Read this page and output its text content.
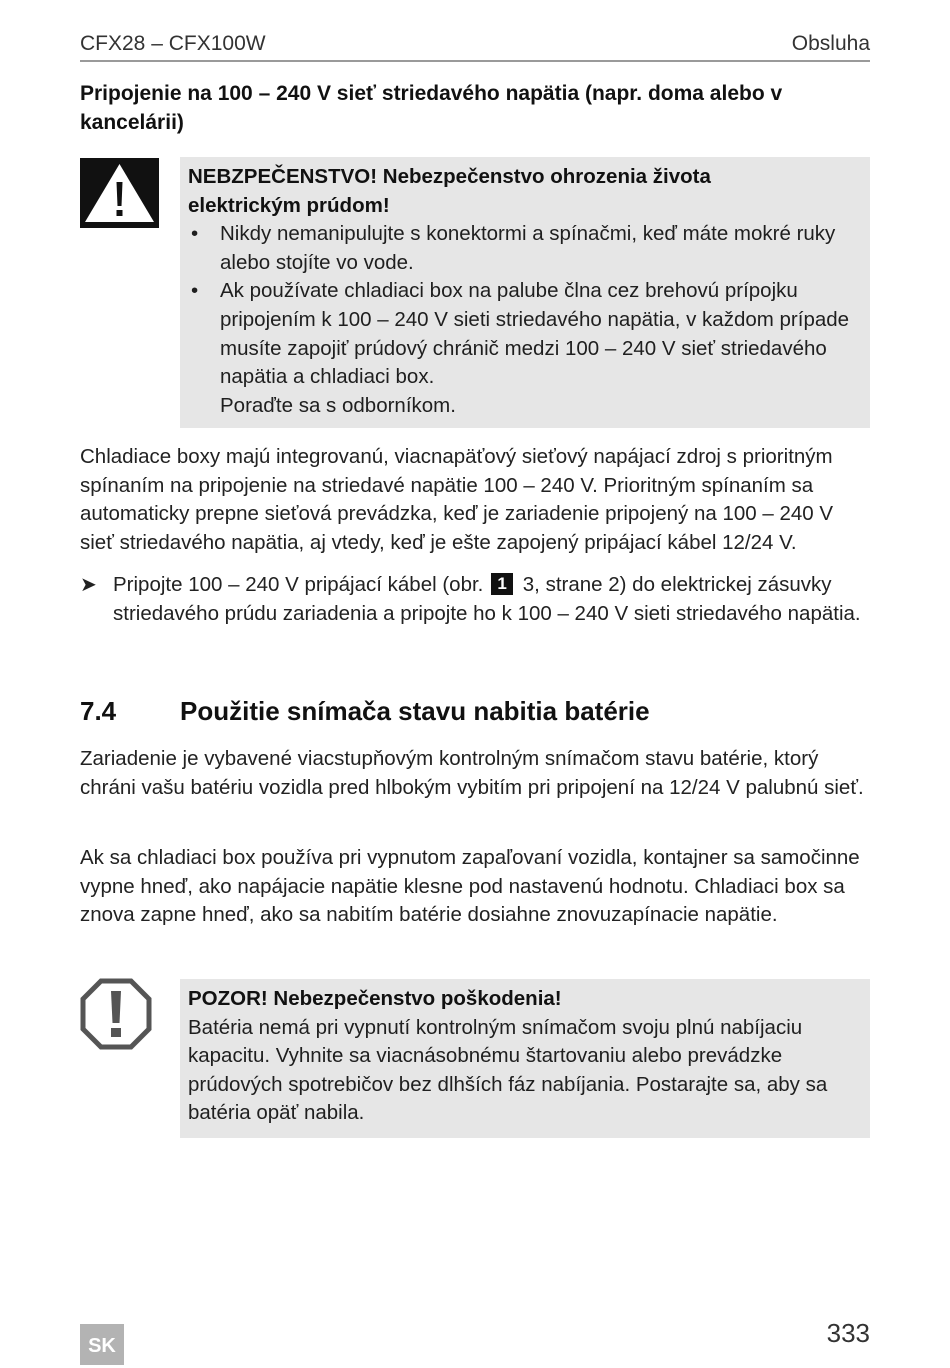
CFX28 – CFX100W	Obsluha
Pripojenie na 100 – 240 V sieť striedavého napätia (napr. doma alebo v kancelárii)
NEBZPEČENSTVO! Nebezpečenstvo ohrozenia života
elektrickým prúdom!
• Nikdy nemanipulujte s konektormi a spínačmi, keď máte mokré ruky alebo stojíte vo vode.
• Ak používate chladiaci box na palube člna cez brehovú prípojku pripojením k 100 – 240 V sieti striedavého napätia, v každom prípade musíte zapojiť prúdový chránič medzi 100 – 240 V sieť striedavého napätia a chladiaci box.
Poraďte sa s odborníkom.
Chladiace boxy majú integrovanú, viacnapäťový sieťový napájací zdroj s prioritným spínaním na pripojenie na striedavé napätie 100 – 240 V. Prioritným spínaním sa automaticky prepne sieťová prevádzka, keď je zariadenie pripojený na 100 – 240 V sieť striedavého napätia, aj vtedy, keď je ešte zapojený pripájací kábel 12/24 V.
➤ Pripojte 100 – 240 V pripájací kábel (obr. 1 3, strane 2) do elektrickej zásuvky striedavého prúdu zariadenia a pripojte ho k 100 – 240 V sieti striedavého napätia.
7.4 Použitie snímača stavu nabitia batérie
Zariadenie je vybavené viacstupňovým kontrolným snímačom stavu batérie, ktorý chráni vašu batériu vozidla pred hlbokým vybitím pri pripojení na 12/24 V palubnú sieť.
Ak sa chladiaci box používa pri vypnutom zapaľovaní vozidla, kontajner sa samočinne vypne hneď, ako napájacie napätie klesne pod nastavenú hodnotu. Chladiaci box sa znova zapne hneď, ako sa nabitím batérie dosiahne znovuzapínacie napätie.
POZOR! Nebezpečenstvo poškodenia!
Batéria nemá pri vypnutí kontrolným snímačom svoju plnú nabíjaciu kapacitu. Vyhnite sa viacnásobnému štartovaniu alebo prevádzke prúdových spotrebičov bez dlhších fáz nabíjania. Postarajte sa, aby sa batéria opäť nabila.
SK	333
